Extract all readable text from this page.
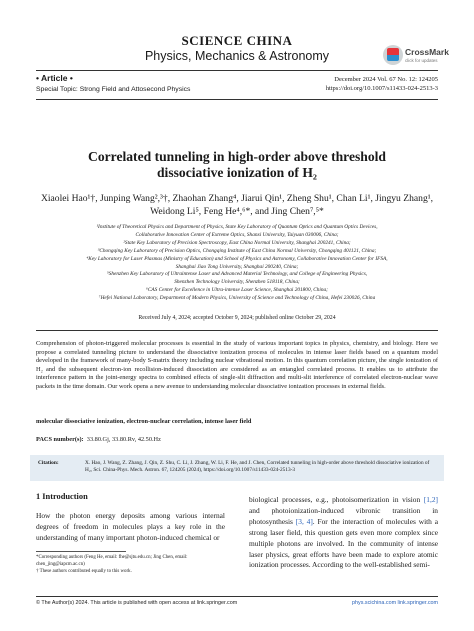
SCIENCE CHINA
Physics, Mechanics & Astronomy	CrossMark
click for updates
• Article •
Special Topic: Strong Field and Attosecond Physics
December 2024 Vol. 67 No. 12: 124205
https://doi.org/10.1007/s11433-024-2513-3
Correlated tunneling in high-order above threshold
dissociative ionization of H₂
Xiaolei Hao¹†, Junping Wang²,³†, Zhaohan Zhang⁴, Jiarui Qin¹, Zheng Shu¹, Chan Li¹, Jingyu Zhang¹,
Weidong Li⁵, Feng He⁴,⁶*, and Jing Chen⁷,⁵*
¹Institute of Theoretical Physics and Department of Physics, State Key Laboratory of Quantum Optics and Quantum Optics Devices,
Collaborative Innovation Center of Extreme Optics, Shanxi University, Taiyuan 030006, China;
²State Key Laboratory of Precision Spectroscopy, East China Normal University, Shanghai 200241, China;
³Chongqing Key Laboratory of Precision Optics, Chongqing Institute of East China Normal University, Chongqing 401121, China;
⁴Key Laboratory for Laser Plasmas (Ministry of Education) and School of Physics and Astronomy, Collaborative Innovation Center for IFSA,
Shanghai Jiao Tong University, Shanghai 200240, China;
⁵Shenzhen Key Laboratory of Ultraintense Laser and Advanced Material Technology, and College of Engineering Physics,
Shenzhen Technology University, Shenzhen 518118, China;
⁶CAS Center for Excellence in Ultra-intense Laser Science, Shanghai 201800, China;
⁷Hefei National Laboratory, Department of Modern Physics, University of Science and Technology of China, Hefei 230026, China
Received July 4, 2024; accepted October 9, 2024; published online October 29, 2024
Comprehension of photon-triggered molecular processes is essential in the study of various important topics in physics, chemistry, and biology. Here we propose a correlated tunneling picture to understand the dissociative ionization process of molecules in intense laser fields based on a quantum model developed in the framework of many-body S-matrix theory including nuclear vibrational motion. In this quantum correlation picture, the single ionization of H₂ and the subsequent electron-ion recollision-induced dissociation are considered as an entangled correlated process. It enables us to attribute the interference pattern in the joint-energy spectra to combined effects of single-slit diffraction and multi-slit interference of correlated electron-nuclear wave packets in the time domain. Our work opens a new avenue to understanding molecular dissociative ionization processes in external fields.
molecular dissociative ionization, electron-nuclear correlation, intense laser field
PACS number(s): 33.80.Gj, 33.80.Rv, 42.50.Hz
Citation:	X. Hao, J. Wang, Z. Zhang, J. Qin, Z. Shu, C. Li, J. Zhang, W. Li, F. He, and J. Chen, Correlated tunneling in high-order above threshold dissociative ionization of H₂, Sci. China-Phys. Mech. Astron. 67, 124205 (2024), https://doi.org/10.1007/s11433-024-2513-3
1 Introduction
How the photon energy deposits among various internal degrees of freedom in molecules plays a key role in the understanding of many important photon-induced chemical or
biological processes, e.g., photoisomerization in vision [1,2] and photoionization-induced vibronic transition in photosynthesis [3, 4]. For the interaction of molecules with a strong laser field, this question gets even more complex since multiple photons are involved. In the community of intense laser physics, great efforts have been made to explore atomic ionization processes. According to the well-established semi-
*Corresponding authors (Feng He, email: fhe@sjtu.edu.cn; Jing Chen, email: chen_jing@iapcm.ac.cn)
† These authors contributed equally to this work.
© The Author(s) 2024. This article is published with open access at link.springer.com	phys.scichina.com link.springer.com
